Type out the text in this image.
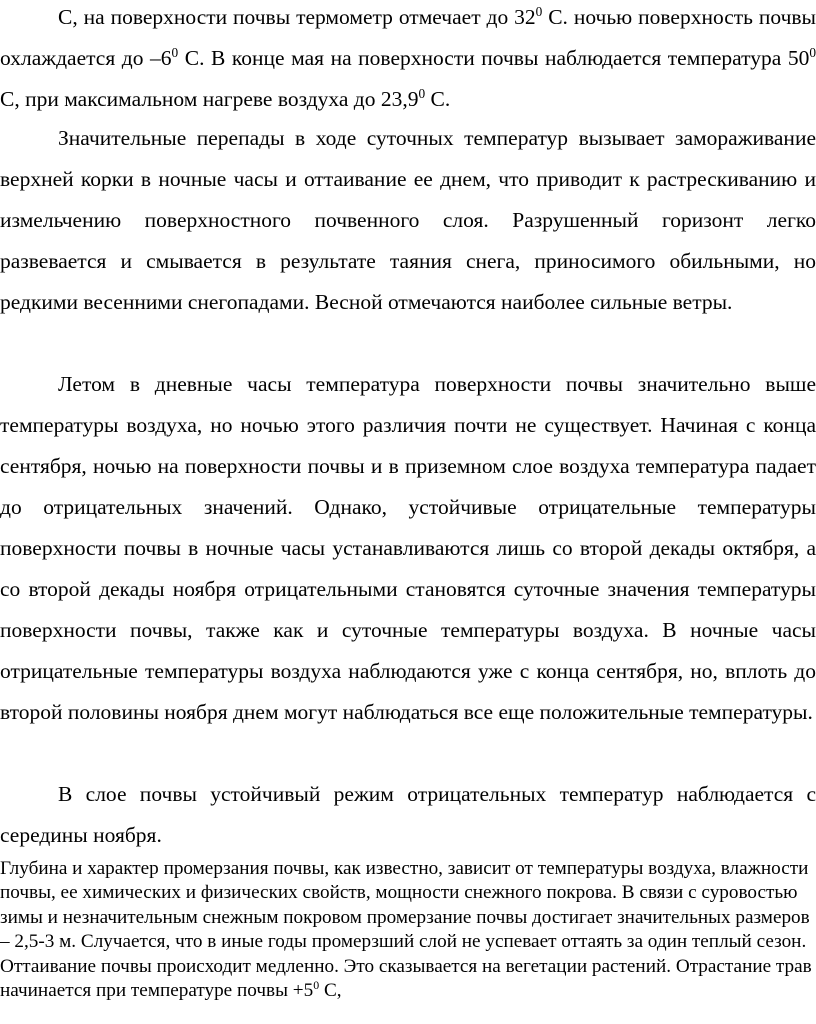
С, на поверхности почвы термометр отмечает до $32^0$ С. ночью поверхность почвы охлаждается до $-6^0$ С. В конце мая на поверхности почвы наблюдается температура $50^0$ С, при максимальном нагреве воздуха до 23,9$^0$ С.

Значительные перепады в ходе суточных температур вызывает замораживание верхней корки в ночные часы и оттаивание ее днем, что приводит к растрескиванию и измельчению поверхностного почвенного слоя. Разрушенный горизонт легко развевается и смывается в результате таяния снега, приносимого обильными, но редкими весенними снегопадами. Весной отмечаются наиболее сильные ветры.

Летом в дневные часы температура поверхности почвы значительно выше температуры воздуха, но ночью этого различия почти не существует. Начиная с конца сентября, ночью на поверхности почвы и в приземном слое воздуха температура падает до отрицательных значений. Однако, устойчивые отрицательные температуры поверхности почвы в ночные часы устанавливаются лишь со второй декады октября, а со второй декады ноября отрицательными становятся суточные значения температуры поверхности почвы, также как и суточные температуры воздуха. В ночные часы отрицательные температуры воздуха наблюдаются уже с конца сентября, но, вплоть до второй половины ноября днем могут наблюдаться все еще положительные температуры.

В слое почвы устойчивый режим отрицательных температур наблюдается с середины ноября.

Глубина и характер промерзания почвы, как известно, зависит от температуры воздуха, влажности почвы, ее химических и физических свойств, мощности снежного покрова. В связи с суровостью зимы и незначительным снежным покровом промерзание почвы достигает значительных размеров – 2,5-3 м. Случается, что в иные годы промерзший слой не успевает оттаять за один теплый сезон. Оттаивание почвы происходит медленно. Это сказывается на вегетации растений. Отрастание трав начинается при температуре почвы $+5^0$ С,
